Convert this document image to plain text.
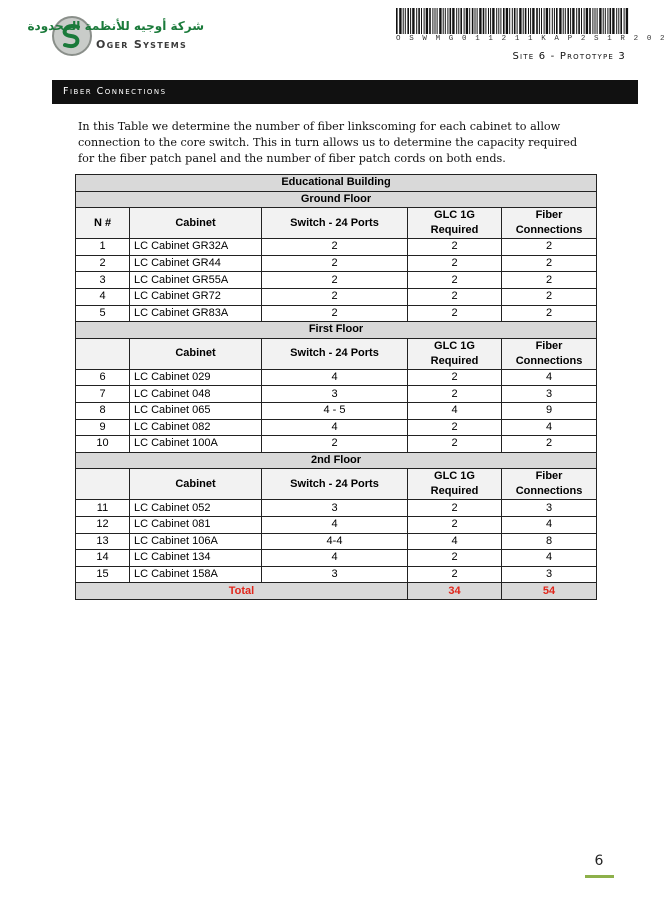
شركة أوجيه للأنظمة المحدودة
Oger Systems	O S W M G 0 1 1 2 1 1 K A P 2 S 1 R 2 0 2
Site 6 - Prototype 3
Fiber Connections
In this Table we determine the number of fiber linkscoming for each cabinet to allow connection to the core switch. This in turn allows us to determine the capacity required for the fiber patch panel and the number of fiber patch cords on both ends.
Educational Building				
Ground Floor				
N #	Cabinet	Switch - 24 Ports	GLC 1G Required	Fiber Connections
1	LC Cabinet GR32A	2	2	2
2	LC Cabinet GR44	2	2	2
3	LC Cabinet GR55A	2	2	2
4	LC Cabinet GR72	2	2	2
5	LC Cabinet GR83A	2	2	2
First Floor				
	Cabinet	Switch - 24 Ports	GLC 1G Required	Fiber Connections
6	LC Cabinet 029	4	2	4
7	LC Cabinet 048	3	2	3
8	LC Cabinet 065	4 - 5	4	9
9	LC Cabinet 082	4	2	4
10	LC Cabinet 100A	2	2	2
2nd Floor				
	Cabinet	Switch - 24 Ports	GLC 1G Required	Fiber Connections
11	LC Cabinet 052	3	2	3
12	LC Cabinet 081	4	2	4
13	LC Cabinet 106A	4-4	4	8
14	LC Cabinet 134	4	2	4
15	LC Cabinet 158A	3	2	3
Total			34	54
6
